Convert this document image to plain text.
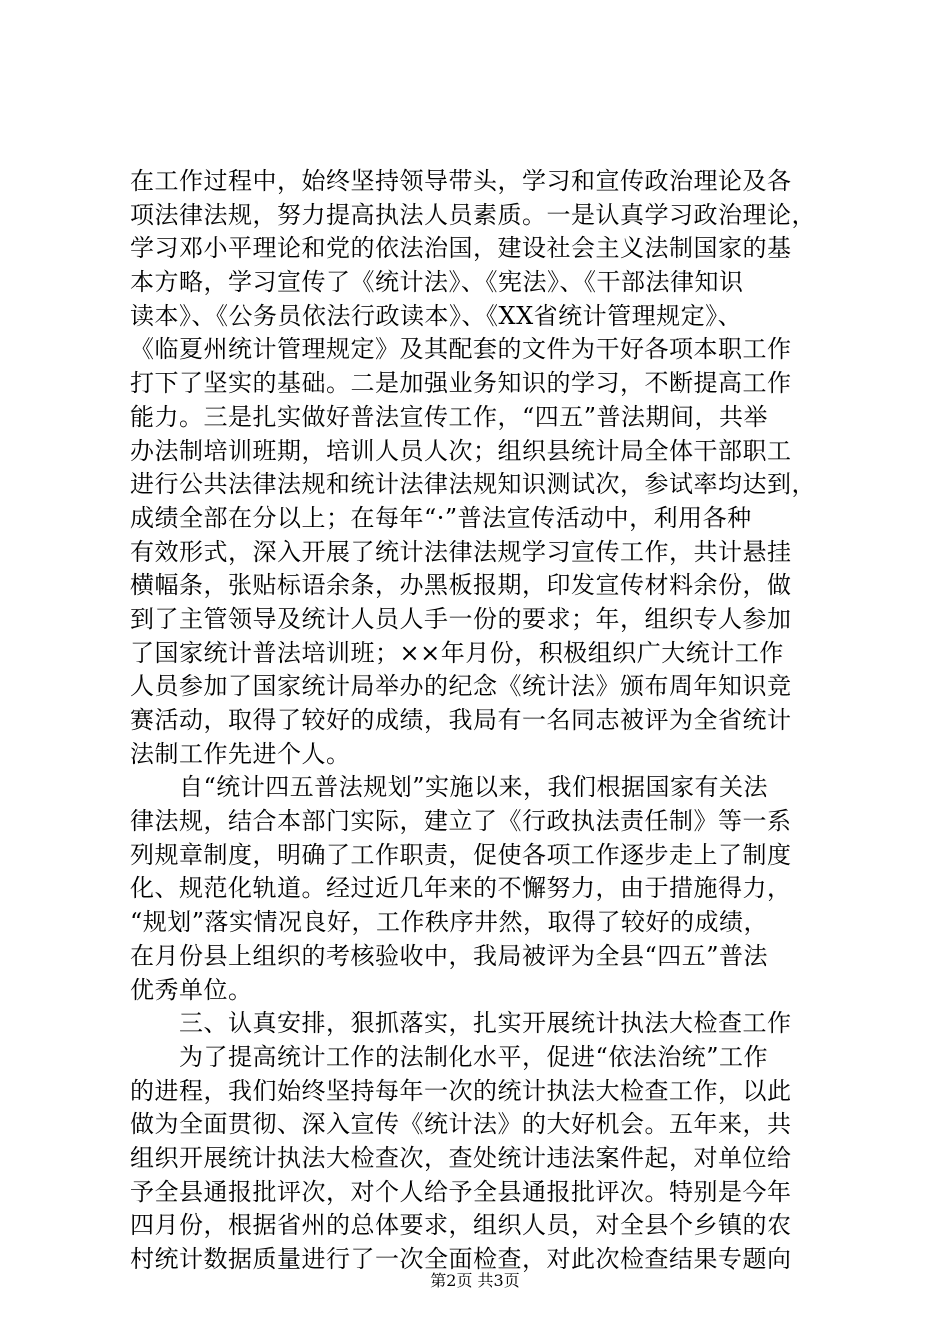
在工作过程中，始终坚持领导带头，学习和宣传政治理论及各
项法律法规，努力提高执法人员素质。一是认真学习政治理论，
学习邓小平理论和党的依法治国，建设社会主义法制国家的基
本方略，学习宣传了《统计法》、《宪法》、《干部法律知识
读本》、《公务员依法行政读本》、《XX省统计管理规定》、
《临夏州统计管理规定》及其配套的文件为干好各项本职工作
打下了坚实的基础。二是加强业务知识的学习，不断提高工作
能力。三是扎实做好普法宣传工作，“四五”普法期间，共举
办法制培训班期，培训人员人次；组织县统计局全体干部职工
进行公共法律法规和统计法律法规知识测试次，参试率均达到，
成绩全部在分以上；在每年“·”普法宣传活动中，利用各种
有效形式，深入开展了统计法律法规学习宣传工作，共计悬挂
横幅条，张贴标语余条，办黑板报期，印发宣传材料余份，做
到了主管领导及统计人员人手一份的要求；年，组织专人参加
了国家统计普法培训班；××年月份，积极组织广大统计工作
人员参加了国家统计局举办的纪念《统计法》颁布周年知识竞
赛活动，取得了较好的成绩，我局有一名同志被评为全省统计
法制工作先进个人。
　　自“统计四五普法规划”实施以来，我们根据国家有关法
律法规，结合本部门实际，建立了《行政执法责任制》等一系
列规章制度，明确了工作职责，促使各项工作逐步走上了制度
化、规范化轨道。经过近几年来的不懈努力，由于措施得力，
“规划”落实情况良好，工作秩序井然，取得了较好的成绩，
在月份县上组织的考核验收中，我局被评为全县“四五”普法
优秀单位。
　　三、认真安排，狠抓落实，扎实开展统计执法大检查工作
　　为了提高统计工作的法制化水平，促进“依法治统”工作
的进程，我们始终坚持每年一次的统计执法大检查工作，以此
做为全面贯彻、深入宣传《统计法》的大好机会。五年来，共
组织开展统计执法大检查次，查处统计违法案件起，对单位给
予全县通报批评次，对个人给予全县通报批评次。特别是今年
四月份，根据省州的总体要求，组织人员，对全县个乡镇的农
村统计数据质量进行了一次全面检查，对此次检查结果专题向
第2页 共3页
